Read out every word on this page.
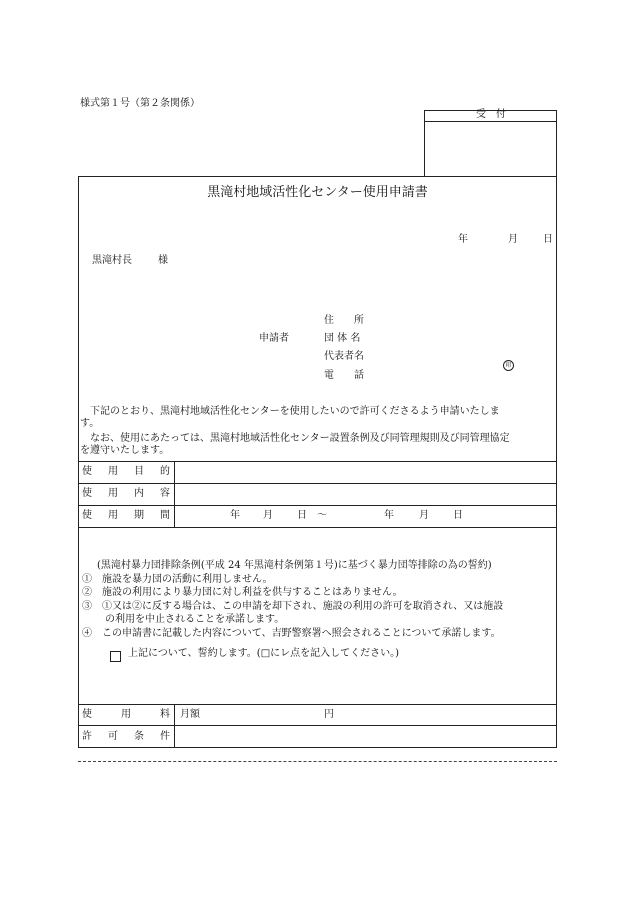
様式第１号（第２条関係）
受　付
黒滝村地域活性化センター使用申請書
年	月	日
黒滝村長	様
申請者
住　　所
団 体 名
代表者名
電　　話
印
下記のとおり、黒滝村地域活性化センターを使用したいので許可くださるよう申請いたしま
す。
なお、使用にあたっては、黒滝村地域活性化センター設置条例及び同管理規則及び同管理協定
を遵守いたします。
使 用 目 的
使 用 内 容
使 用 期 間	年 月 日　～	年	月 日
(黒滝村暴力団排除条例(平成 24 年黒滝村条例第１号)に基づく暴力団等排除の為の誓約)
①　 施設を暴力団の活動に利用しません。
②　 施設の利用により暴力団に対し利益を供与することはありません。
③　 ①又は②に反する場合は、この申請を却下され、施設の利用の許可を取消され、又は施設
の利用を中止されることを承諾します。
④　 この申請書に記載した内容について、吉野警察署へ照会されることについて承諾します。
上記について、誓約します。(□にレ点を記入してください。)
使	用	料 月額	円
許 可 条 件
